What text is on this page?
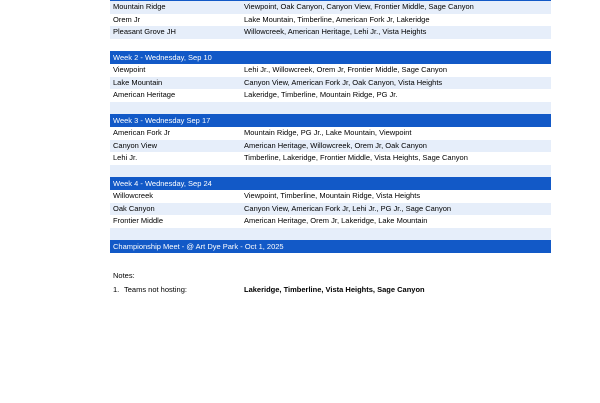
Mountain Ridge	Viewpoint, Oak Canyon, Canyon View, Frontier Middle, Sage Canyon
Orem Jr	Lake Mountain, Timberline, American Fork Jr, Lakeridge
Pleasant Grove JH	Willowcreek, American Heritage, Lehi Jr., Vista Heights
Week 2 - Wednesday, Sep 10
Viewpoint	Lehi Jr., Willowcreek, Orem Jr, Frontier Middle, Sage Canyon
Lake Mountain	Canyon View, American Fork Jr, Oak Canyon, Vista Heights
American Heritage	Lakeridge, Timberline, Mountain Ridge, PG Jr.
Week 3 - Wednesday Sep 17
American Fork Jr	Mountain Ridge, PG Jr., Lake Mountain, Viewpoint
Canyon View	American Heritage, Willowcreek, Orem Jr, Oak Canyon
Lehi Jr.	Timberline, Lakeridge, Frontier Middle, Vista Heights, Sage Canyon
Week 4 - Wednesday, Sep 24
Willowcreek	Viewpoint, Timberline, Mountain Ridge, Vista Heights
Oak Canyon	Canyon View, American Fork Jr, Lehi Jr., PG Jr., Sage Canyon
Frontier Middle	American Heritage, Orem Jr, Lakeridge, Lake Mountain
Championship Meet - @ Art Dye Park - Oct 1, 2025
Notes:
1. Teams not hosting:	Lakeridge, Timberline, Vista Heights, Sage Canyon
